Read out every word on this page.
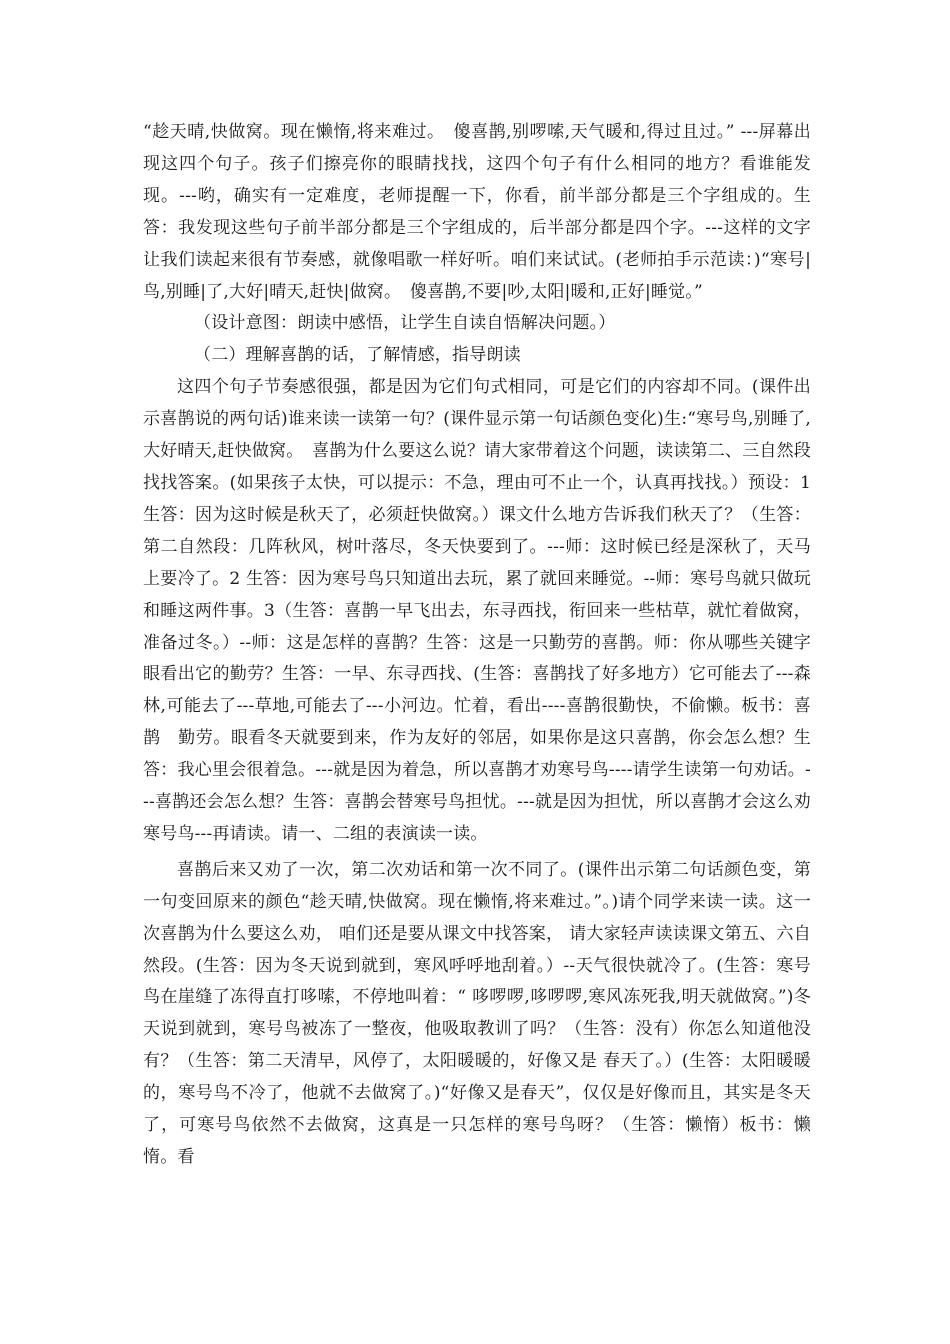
“趁天晴,快做窝。现在懒惰,将来难过。　傻喜鹊,别啰嗦,天气暖和,得过且过。” ---屏幕出现这四个句子。孩子们擦亮你的眼睛找找，这四个句子有什么相同的地方？看谁能发现。---哟，确实有一定难度，老师提醒一下，你看，前半部分都是三个字组成的。生答：我发现这些句子前半部分都是三个字组成的，后半部分都是四个字。---这样的文字让我们读起来很有节奏感，就像唱歌一样好听。咱们来试试。(老师拍手示范读：)“寒号|鸟,别睡|了,大好|晴天,赶快|做窝。　傻喜鹊,不要|吵,太阳|暖和,正好|睡觉。”

（设计意图：朗读中感悟，让学生自读自悟解决问题。）

（二）理解喜鹊的话，了解情感，指导朗读

这四个句子节奏感很强，都是因为它们句式相同，可是它们的内容却不同。(课件出示喜鹊说的两句话)谁来读一读第一句？(课件显示第一句话颜色变化)生:“寒号鸟,别睡了,大好晴天,赶快做窝。　喜鹊为什么要这么说？请大家带着这个问题，读读第二、三自然段找找答案。(如果孩子太快，可以提示：不急，理由可不止一个，认真再找找。）预设：1 生答：因为这时候是秋天了，必须赶快做窝。）课文什么地方告诉我们秋天了？（生答：第二自然段：几阵秋风，树叶落尽，冬天快要到了。---师：这时候已经是深秋了，天马上要冷了。2 生答：因为寒号鸟只知道出去玩，累了就回来睡觉。--师：寒号鸟就只做玩和睡这两件事。3（生答：喜鹊一早飞出去，东寻西找，衔回来一些枯草，就忙着做窝，准备过冬。）--师：这是怎样的喜鹊？生答：这是一只勤劳的喜鹊。师：你从哪些关键字眼看出它的勤劳？生答：一早、东寻西找、(生答：喜鹊找了好多地方）它可能去了---森林,可能去了---草地,可能去了---小河边。忙着，看出----喜鹊很勤快，不偷懒。板书：喜鹊　勤劳。眼看冬天就要到来，作为友好的邻居，如果你是这只喜鹊，你会怎么想？生答：我心里会很着急。---就是因为着急，所以喜鹊才劝寒号鸟----请学生读第一句劝话。---喜鹊还会怎么想？生答：喜鹊会替寒号鸟担忧。---就是因为担忧，所以喜鹊才会这么劝寒号鸟---再请读。请一、二组的表演读一读。

喜鹊后来又劝了一次，第二次劝话和第一次不同了。(课件出示第二句话颜色变，第一句变回原来的颜色“趁天晴,快做窝。现在懒惰,将来难过。”。)请个同学来读一读。这一次喜鹊为什么要这么劝， 咱们还是要从课文中找答案， 请大家轻声读读课文第五、六自然段。(生答：因为冬天说到就到，寒风呼呼地刮着。）--天气很快就冷了。(生答：寒号鸟在崖缝了冻得直打哆嗦，不停地叫着：“ 哆啰啰,哆啰啰,寒风冻死我,明天就做窝。”)冬天说到就到，寒号鸟被冻了一整夜，他吸取教训了吗？（生答：没有）你怎么知道他没有？（生答：第二天清早，风停了，太阳暖暖的，好像又是 春天了。）(生答：太阳暖暖的，寒号鸟不冷了，他就不去做窝了。)“好像又是春天”，仅仅是好像而且，其实是冬天了，可寒号鸟依然不去做窝，这真是一只怎样的寒号鸟呀？（生答：懒惰）板书：懒惰。看
